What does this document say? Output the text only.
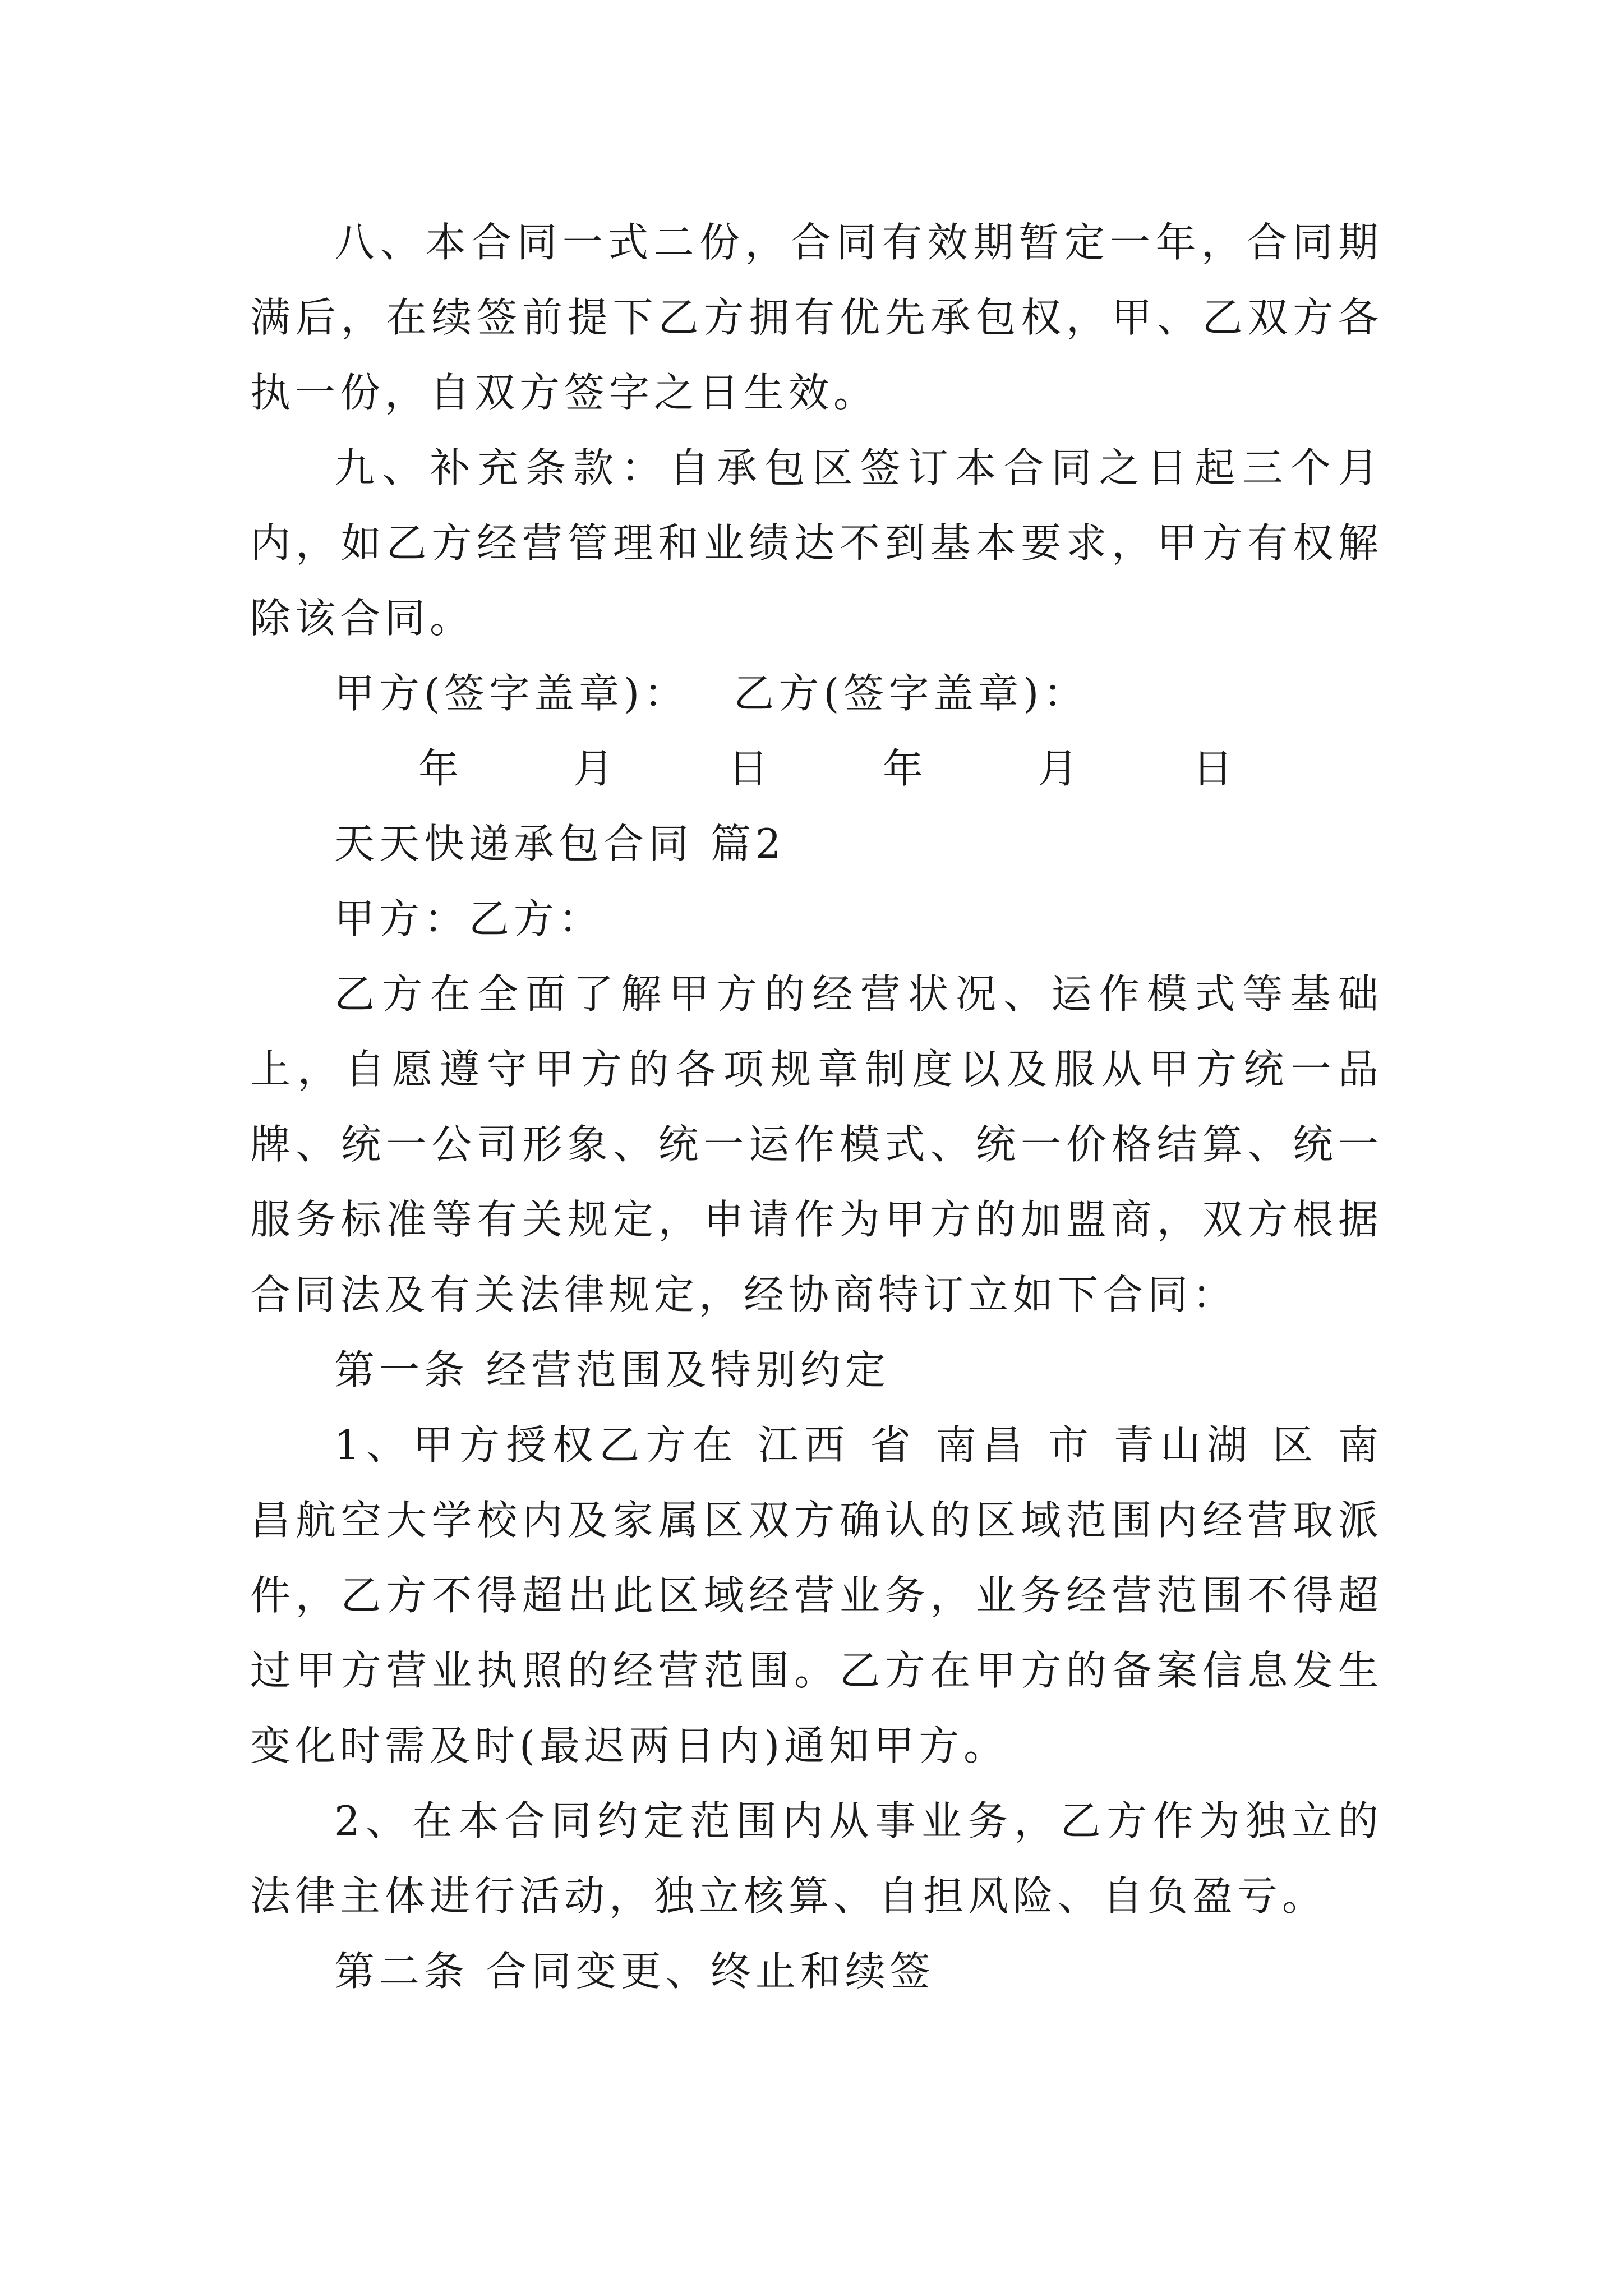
八、本合同一式二份，合同有效期暂定一年，合同期满后，在续签前提下乙方拥有优先承包权，甲、乙双方各执一份，自双方签字之日生效。

九、补充条款：自承包区签订本合同之日起三个月内，如乙方经营管理和业绩达不到基本要求，甲方有权解除该合同。

甲方(签字盖章)： 乙方(签字盖章)：

年	月	日	年	月	日

天天快递承包合同 篇2

甲方：乙方：

乙方在全面了解甲方的经营状况、运作模式等基础上，自愿遵守甲方的各项规章制度以及服从甲方统一品牌、统一公司形象、统一运作模式、统一价格结算、统一服务标准等有关规定，申请作为甲方的加盟商，双方根据合同法及有关法律规定，经协商特订立如下合同：

第一条 经营范围及特别约定

1、甲方授权乙方在 江西 省 南昌 市 青山湖 区 南昌航空大学校内及家属区双方确认的区域范围内经营取派件，乙方不得超出此区域经营业务，业务经营范围不得超过甲方营业执照的经营范围。乙方在甲方的备案信息发生变化时需及时(最迟两日内)通知甲方。

2、在本合同约定范围内从事业务，乙方作为独立的法律主体进行活动，独立核算、自担风险、自负盈亏。

第二条 合同变更、终止和续签
